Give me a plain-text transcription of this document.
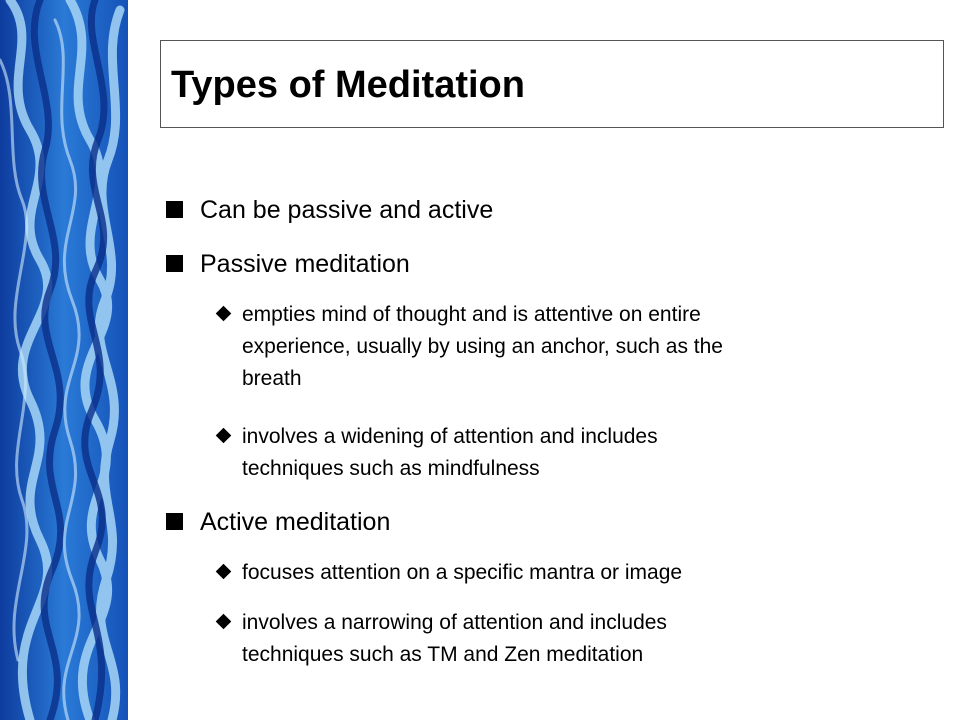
Types of Meditation
Can be passive and active
Passive meditation
empties mind of thought and is attentive on entire
experience, usually by using an anchor, such as the
breath
involves a widening of attention and includes
techniques such as mindfulness
Active meditation
focuses attention on a specific mantra or image
involves a narrowing of attention and includes
techniques such as TM and Zen meditation
